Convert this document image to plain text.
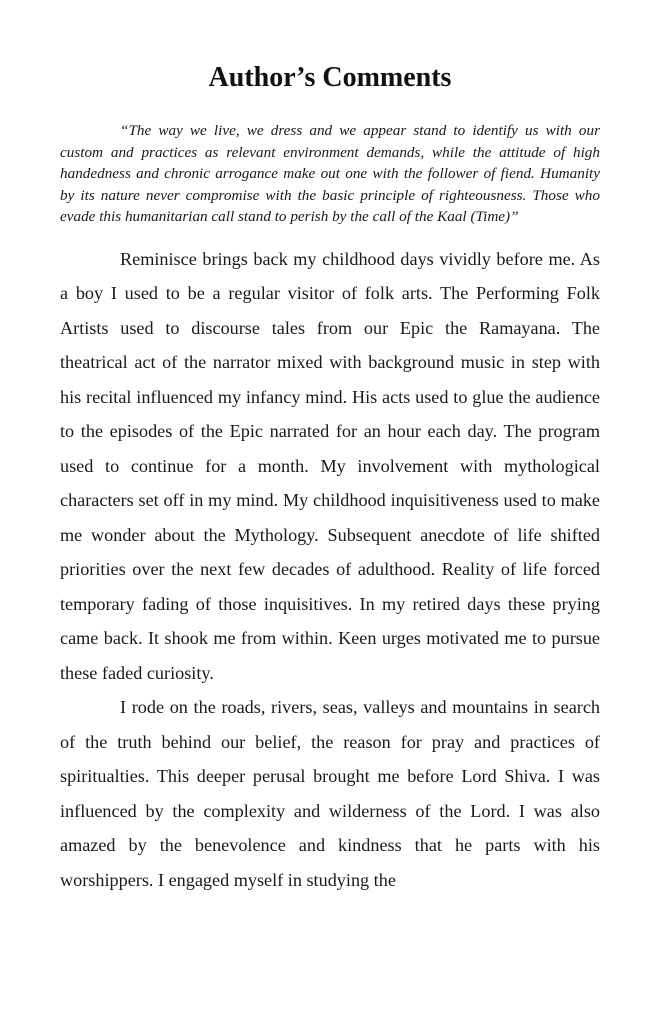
Author’s Comments

“The way we live, we dress and we appear stand to identify us with our custom and practices as relevant environment demands, while the attitude of high handedness and chronic arrogance make out one with the follower of fiend. Humanity by its nature never compromise with the basic principle of righteousness. Those who evade this humanitarian call stand to perish by the call of the Kaal (Time)”

Reminisce brings back my childhood days vividly before me. As a boy I used to be a regular visitor of folk arts. The Performing Folk Artists used to discourse tales from our Epic the Ramayana. The theatrical act of the narrator mixed with background music in step with his recital influenced my infancy mind. His acts used to glue the audience to the episodes of the Epic narrated for an hour each day. The program used to continue for a month. My involvement with mythological characters set off in my mind. My childhood inquisitiveness used to make me wonder about the Mythology. Subsequent anecdote of life shifted priorities over the next few decades of adulthood. Reality of life forced temporary fading of those inquisitives. In my retired days these prying came back. It shook me from within. Keen urges motivated me to pursue these faded curiosity.

I rode on the roads, rivers, seas, valleys and mountains in search of the truth behind our belief, the reason for pray and practices of spiritualties. This deeper perusal brought me before Lord Shiva. I was influenced by the complexity and wilderness of the Lord. I was also amazed by the benevolence and kindness that he parts with his worshippers. I engaged myself in studying the
